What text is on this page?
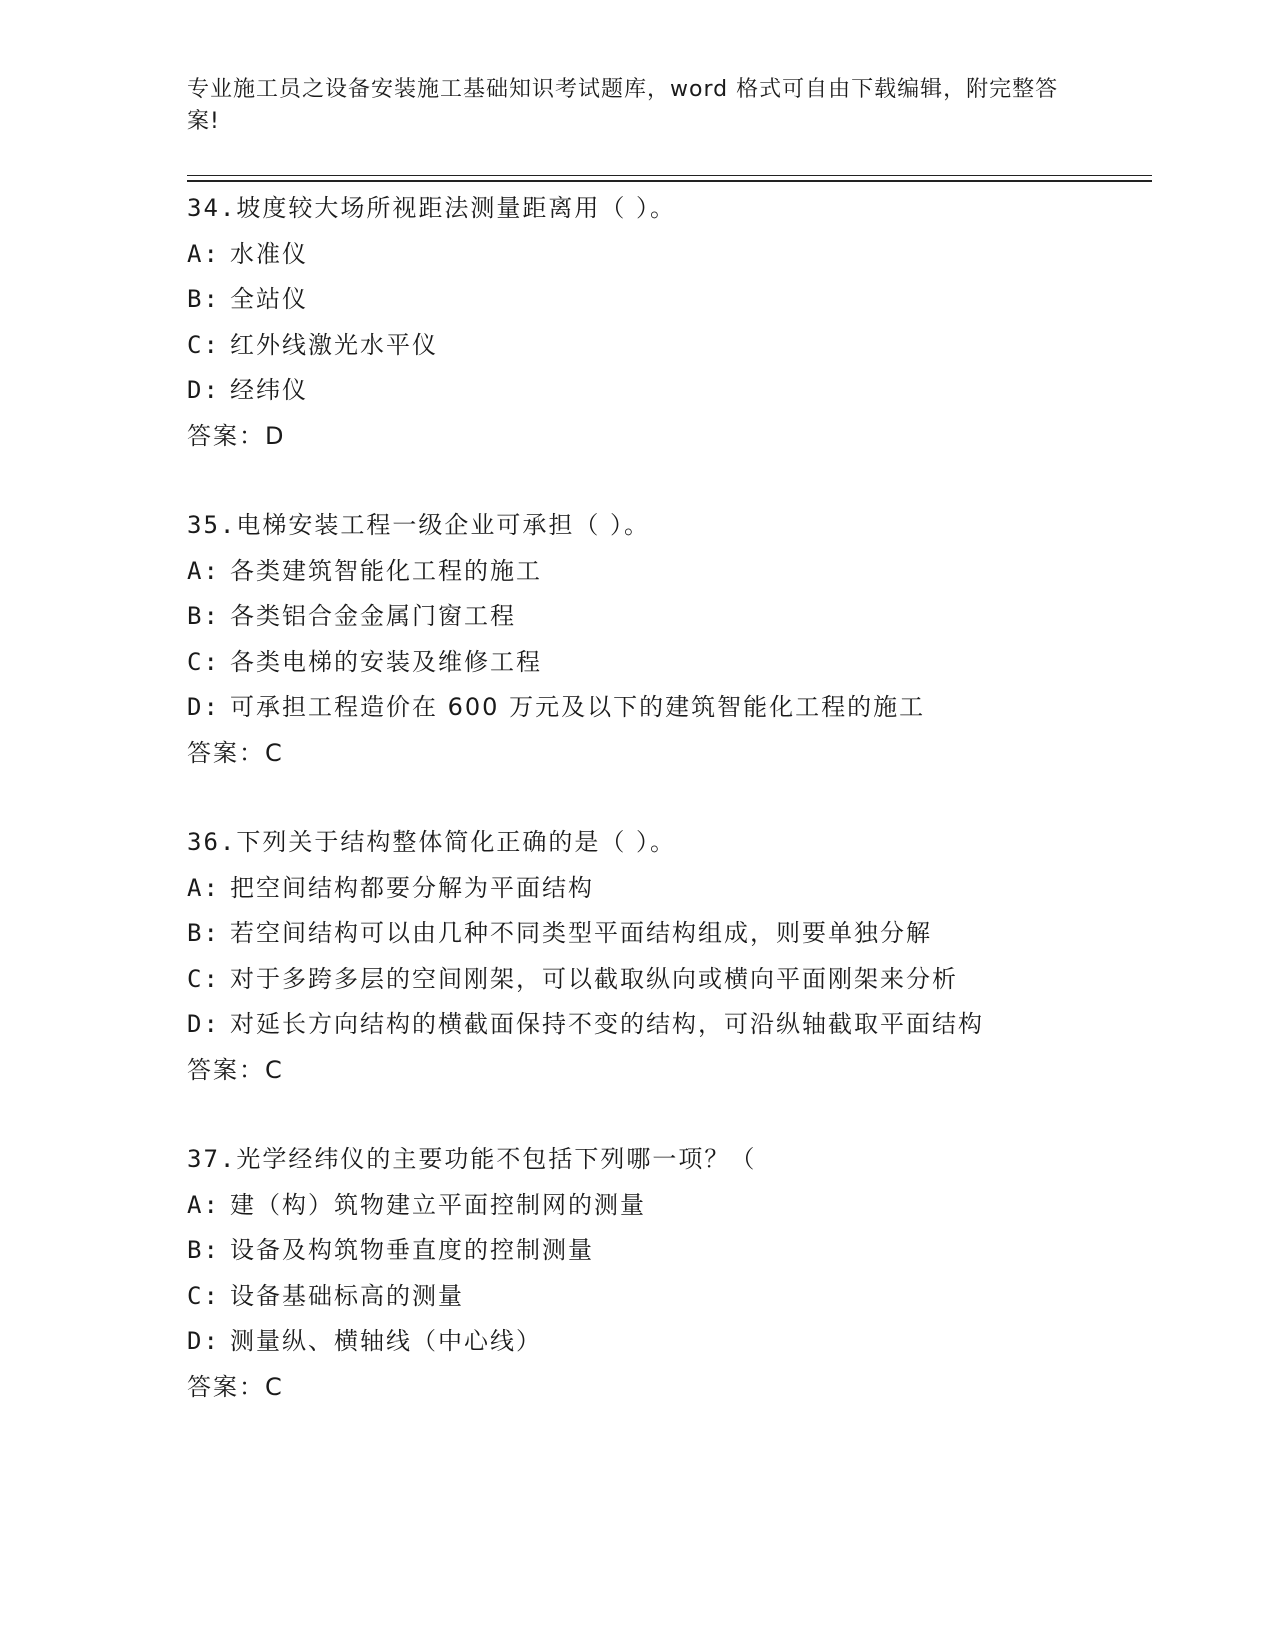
专业施工员之设备安装施工基础知识考试题库，word 格式可自由下载编辑，附完整答案!
34.坡度较大场所视距法测量距离用（ ）。
A: 水准仪
B: 全站仪
C: 红外线激光水平仪
D: 经纬仪
答案：D
35.电梯安装工程一级企业可承担（ ）。
A: 各类建筑智能化工程的施工
B: 各类铝合金金属门窗工程
C: 各类电梯的安装及维修工程
D: 可承担工程造价在 600 万元及以下的建筑智能化工程的施工
答案：C
36.下列关于结构整体简化正确的是（ ）。
A: 把空间结构都要分解为平面结构
B: 若空间结构可以由几种不同类型平面结构组成，则要单独分解
C: 对于多跨多层的空间刚架，可以截取纵向或横向平面刚架来分析
D: 对延长方向结构的横截面保持不变的结构，可沿纵轴截取平面结构
答案：C
37.光学经纬仪的主要功能不包括下列哪一项？（
A: 建（构）筑物建立平面控制网的测量
B: 设备及构筑物垂直度的控制测量
C: 设备基础标高的测量
D: 测量纵、横轴线（中心线）
答案：C
